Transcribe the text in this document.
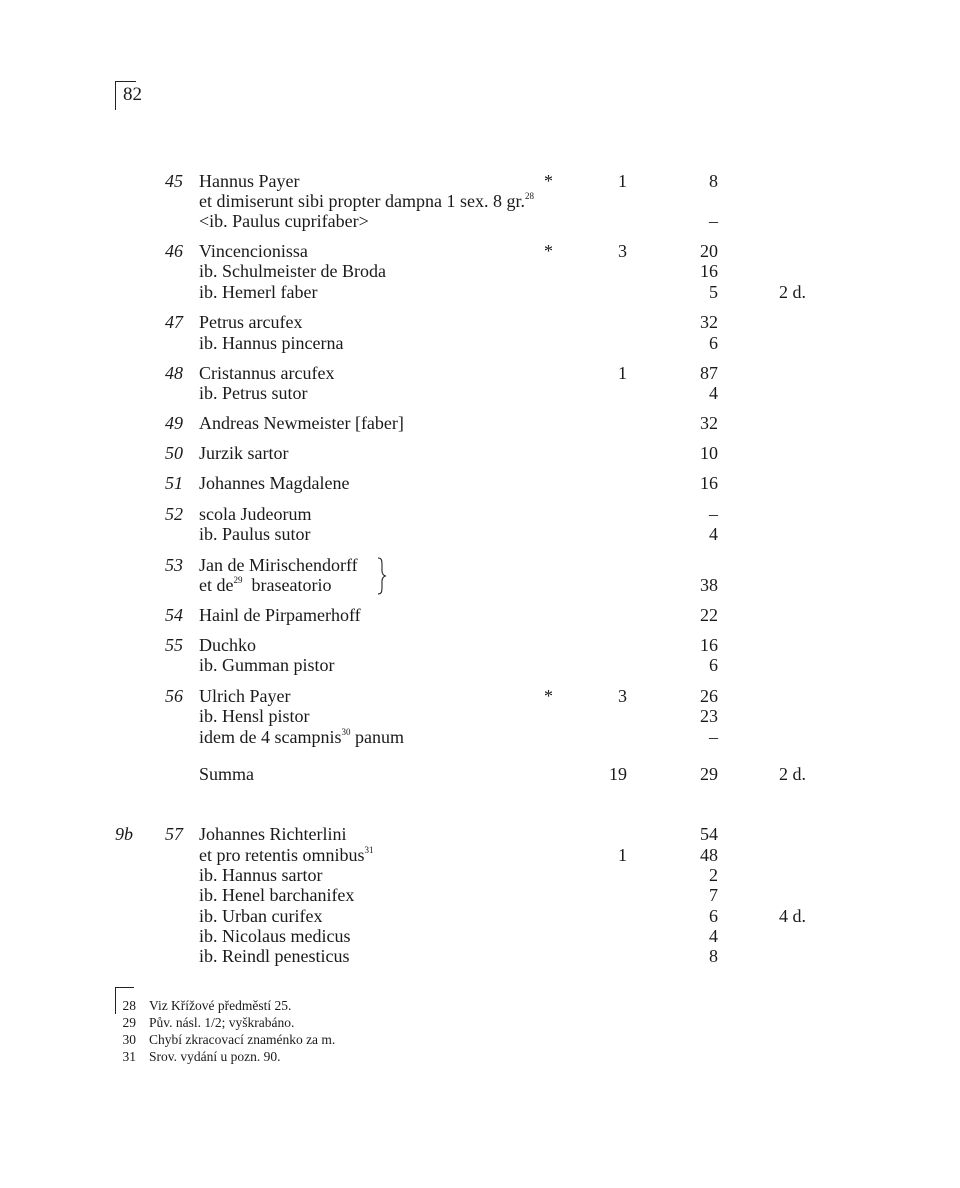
82
45 Hannus Payer	*	1	8
et dimiserunt sibi propter dampna 1 sex. 8 gr.$^{28}$
<ib. Paulus cuprifaber>	–
46 Vincencionissa	*	3	20
ib. Schulmeister de Broda	16
ib. Hemerl faber	5	2 d.
47 Petrus arcufex	32
ib. Hannus pincerna	6
48 Cristannus arcufex	1	87
ib. Petrus sutor	4
49 Andreas Newmeister [faber]	32
50 Jurzik sartor	10
51 Johannes Magdalene	16
52 scola Judeorum	–
ib. Paulus sutor	4
53 Jan de Mirischendorff
et $de^{29}$  braseatorio	38
54 Hainl de Pirpamerhoff	22
55 Duchko	16
ib. Gumman pistor	6
56 Ulrich Payer	*	3	26
ib. Hensl pistor	23
idem de 4 scampnis$^{30}$ panum	–
Summa	19	29	2 d.
9b 57 Johannes Richterlini	54
et pro retentis omnibus$^{31}$	1	48
ib. Hannus sartor	2
ib. Henel barchanifex	7
ib. Urban curifex	6	4 d.
ib. Nicolaus medicus	4
ib. Reindl penesticus	8
28 Viz Křížové předměstí 25.
29 Pův. násl. 1/2; vyškrabáno.
30 Chybí zkracovací znaménko za m.
31 Srov. vydání u pozn. 90.
